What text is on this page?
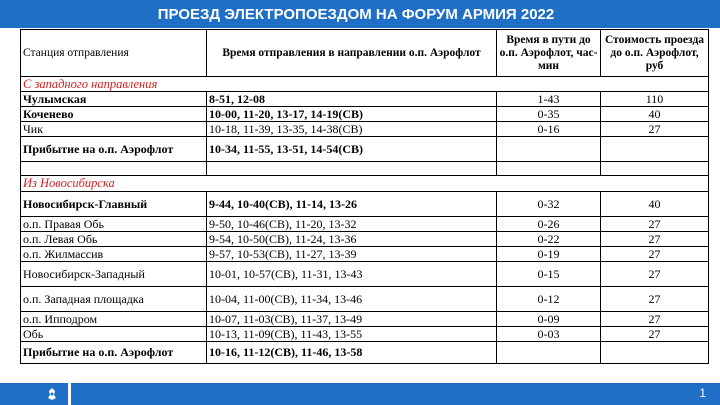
ПРОЕЗД ЭЛЕКТРОПОЕЗДОМ НА ФОРУМ АРМИЯ 2022
Станция отправления	Время отправления в направлении о.п. Аэрофлот	Время в пути до о.п. Аэрофлот, час-мин	Стоимость проезда до о.п. Аэрофлот, руб
С западного направления			
Чулымская	8-51, 12-08	1-43	110
Коченево	10-00, 11-20, 13-17, 14-19(СВ)	0-35	40
Чик	10-18, 11-39, 13-35, 14-38(СВ)	0-16	27
Прибытие на о.п. Аэрофлот	10-34, 11-55, 13-51, 14-54(СВ)		

Из Новосибирска			
Новосибирск-Главный	9-44, 10-40(СВ), 11-14, 13-26	0-32	40
о.п. Правая Обь	9-50, 10-46(СВ), 11-20, 13-32	0-26	27
о.п. Левая Обь	9-54, 10-50(СВ), 11-24, 13-36	0-22	27
о.п. Жилмассив	9-57, 10-53(СВ), 11-27, 13-39	0-19	27
Новосибирск-Западный	10-01, 10-57(СВ), 11-31, 13-43	0-15	27
о.п. Западная площадка	10-04, 11-00(СВ), 11-34, 13-46	0-12	27
о.п. Ипподром	10-07, 11-03(СВ), 11-37, 13-49	0-09	27
Обь	10-13, 11-09(СВ), 11-43, 13-55	0-03	27
Прибытие на о.п. Аэрофлот	10-16, 11-12(СВ), 11-46, 13-58		
1
